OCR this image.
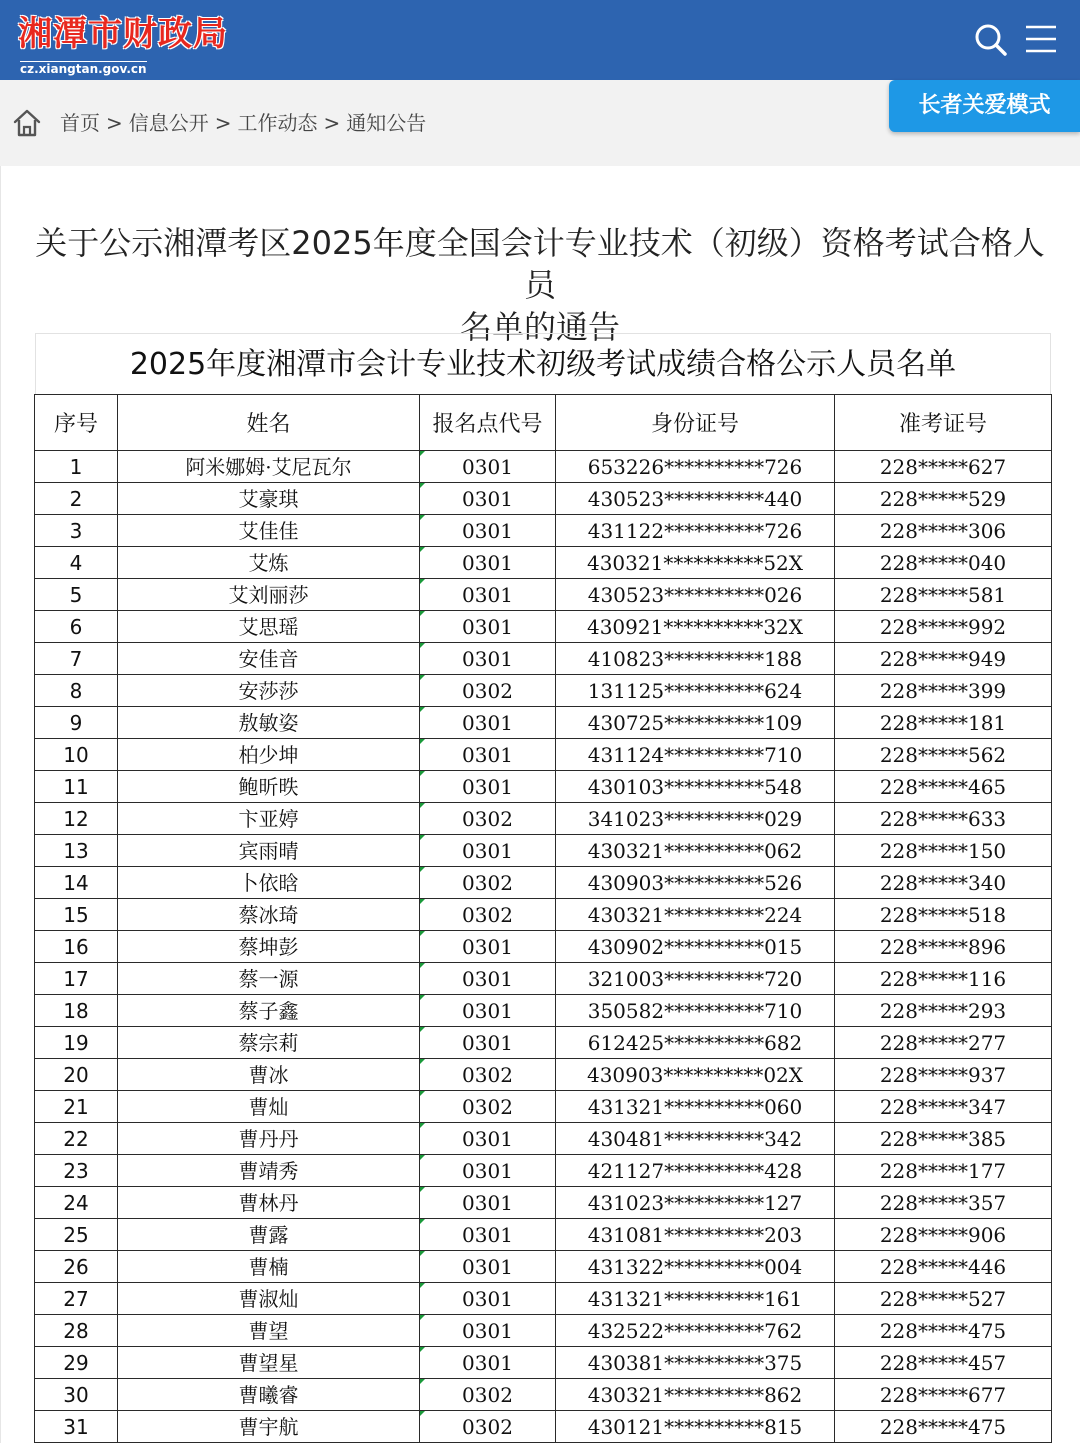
湘潭市财政局
cz.xiangtan.gov.cn
首页 > 信息公开 > 工作动态 > 通知公告
长者关爱模式
关于公示湘潭考区2025年度全国会计专业技术（初级）资格考试合格人员
名单的通告
2025年度湘潭市会计专业技术初级考试成绩合格公示人员名单
序号	姓名	报名点代号	身份证号	准考证号
1	阿米娜姆·艾尼瓦尔	0301	653226**********726	228*****627
2	艾豪琪	0301	430523**********440	228*****529
3	艾佳佳	0301	431122**********726	228*****306
4	艾炼	0301	430321**********52X	228*****040
5	艾刘丽莎	0301	430523**********026	228*****581
6	艾思瑶	0301	430921**********32X	228*****992
7	安佳音	0301	410823**********188	228*****949
8	安莎莎	0302	131125**********624	228*****399
9	敖敏姿	0301	430725**********109	228*****181
10	柏少坤	0301	431124**********710	228*****562
11	鲍昕昳	0301	430103**********548	228*****465
12	卞亚婷	0302	341023**********029	228*****633
13	宾雨晴	0301	430321**********062	228*****150
14	卜依晗	0302	430903**********526	228*****340
15	蔡冰琦	0302	430321**********224	228*****518
16	蔡坤彭	0301	430902**********015	228*****896
17	蔡一源	0301	321003**********720	228*****116
18	蔡子鑫	0301	350582**********710	228*****293
19	蔡宗莉	0301	612425**********682	228*****277
20	曹冰	0302	430903**********02X	228*****937
21	曹灿	0302	431321**********060	228*****347
22	曹丹丹	0301	430481**********342	228*****385
23	曹靖秀	0301	421127**********428	228*****177
24	曹林丹	0301	431023**********127	228*****357
25	曹露	0301	431081**********203	228*****906
26	曹楠	0301	431322**********004	228*****446
27	曹淑灿	0301	431321**********161	228*****527
28	曹望	0301	432522**********762	228*****475
29	曹望星	0301	430381**********375	228*****457
30	曹曦睿	0302	430321**********862	228*****677
31	曹宇航	0302	430121**********815	228*****475
